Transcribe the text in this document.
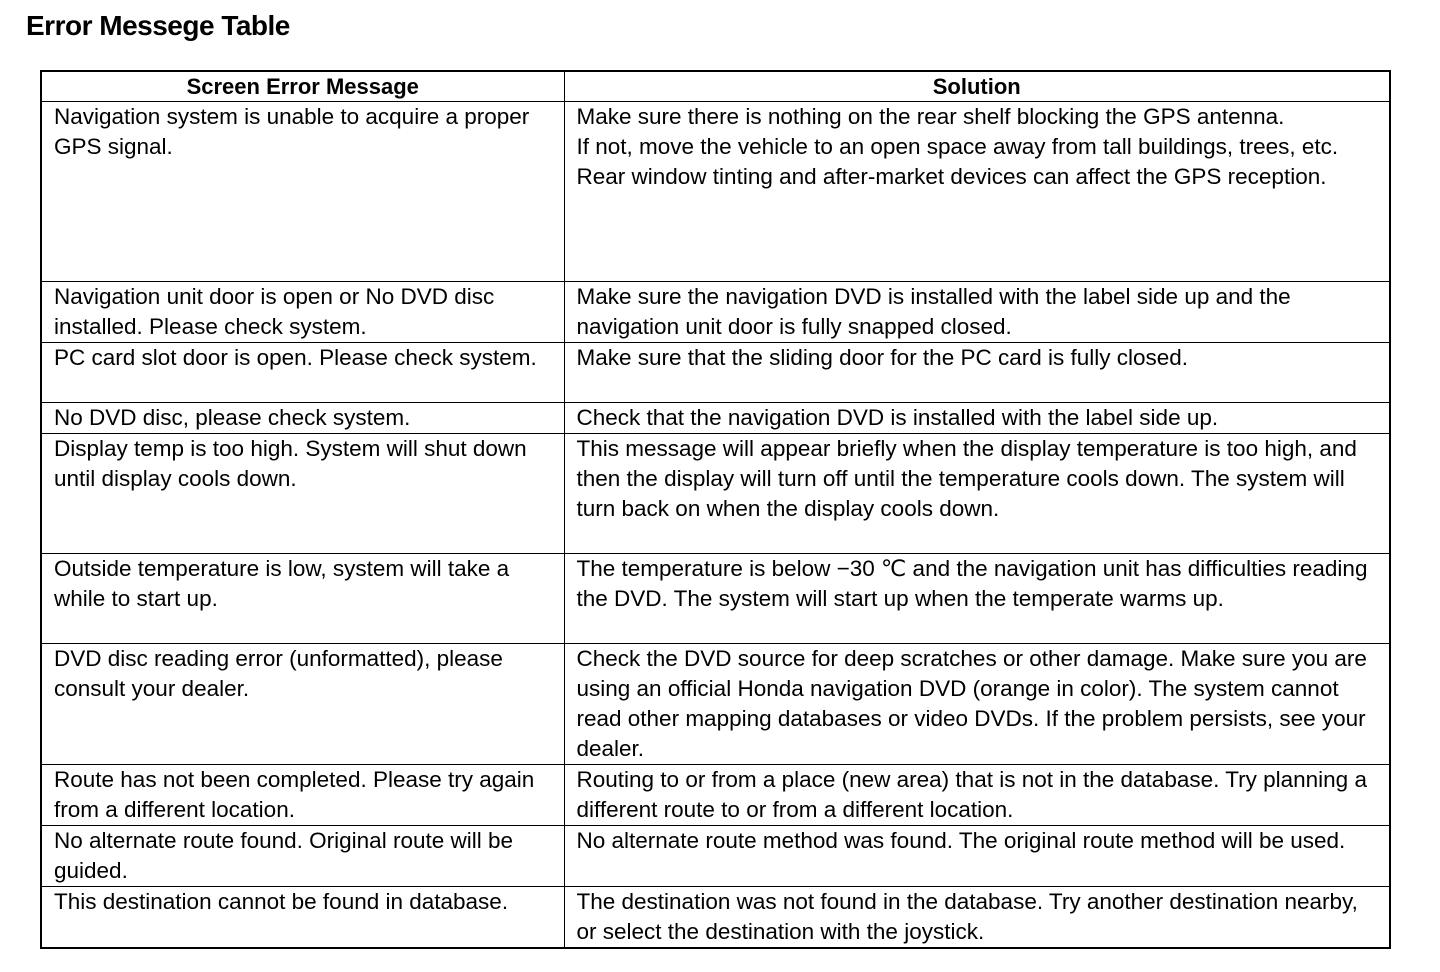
Error Messege Table
Screen Error Message	Solution
Navigation system is unable to acquire a proper GPS signal.	Make sure there is nothing on the rear shelf blocking the GPS antenna.
If not, move the vehicle to an open space away from tall buildings, trees, etc.
Rear window tinting and after-market devices can affect the GPS reception.

Navigation unit door is open or No DVD disc installed. Please check system.	Make sure the navigation DVD is installed with the label side up and the navigation unit door is fully snapped closed.

PC card slot door is open. Please check system.	Make sure that the sliding door for the PC card is fully closed.

No DVD disc, please check system.	Check that the navigation DVD is installed with the label side up.

Display temp is too high. System will shut down until display cools down.	This message will appear briefly when the display temperature is too high, and then the display will turn off until the temperature cools down. The system will turn back on when the display cools down.

Outside temperature is low, system will take a while to start up.	The temperature is below −30 ℃ and the navigation unit has difficulties reading the DVD. The system will start up when the temperate warms up.

DVD disc reading error (unformatted), please consult your dealer.	Check the DVD source for deep scratches or other damage. Make sure you are using an official Honda navigation DVD (orange in color). The system cannot read other mapping databases or video DVDs. If the problem persists, see your dealer.

Route has not been completed. Please try again from a different location.	Routing to or from a place (new area) that is not in the database. Try planning a different route to or from a different location.

No alternate route found. Original route will be guided.	No alternate route method was found. The original route method will be used.

This destination cannot be found in database.	The destination was not found in the database. Try another destination nearby, or select the destination with the joystick.
